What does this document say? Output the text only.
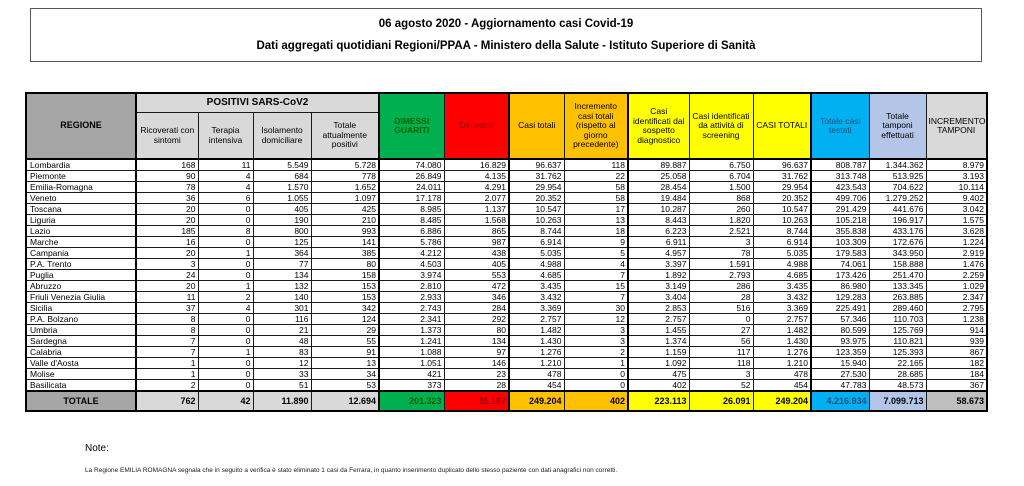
06 agosto 2020 - Aggiornamento casi Covid-19
Dati aggregati quotidiani Regioni/PPAA - Ministero della Salute - Istituto Superiore di Sanità
REGIONE	POSITIVI SARS-CoV2				DIMESSI GUARITI	Deceduti	Casi totali	Incremento casi totali (rispetto al giorno precedente)	Casi identificati dal sospetto diagnostico	Casi identificati da attività di screening	CASI TOTALI	Totale casi testati	Totale tamponi effettuati	INCREMENTO TAMPONI
	Ricoverati con sintomi	Terapia intensiva	Isolamento domiciliare	Totale attualmente positivi										
Lombardia	168	11	5.549	5.728	74.080	16.829	96.637	118	89.887	6.750	96.637	808.787	1.344.362	8.979
Piemonte	90	4	684	778	26.849	4.135	31.762	22	25.058	6.704	31.762	313.748	513.925	3.193
Emilia-Romagna	78	4	1.570	1.652	24.011	4.291	29.954	58	28.454	1.500	29.954	423.543	704.622	10.114
Veneto	36	6	1.055	1.097	17.178	2.077	20.352	58	19.484	868	20.352	499.706	1.279.252	9.402
Toscana	20	0	405	425	8.985	1.137	10.547	17	10.287	260	10.547	291.429	441.676	3.042
Liguria	20	0	190	210	8.485	1.568	10.263	13	8.443	1.820	10.263	105.218	196.917	1.575
Lazio	185	8	800	993	6.886	865	8.744	18	6.223	2.521	8.744	355.838	433.176	3.628
Marche	16	0	125	141	5.786	987	6.914	9	6.911	3	6.914	103.309	172.676	1.224
Campania	20	1	364	385	4.212	438	5.035	5	4.957	78	5.035	179.583	343.950	2.919
P.A. Trento	3	0	77	80	4.503	405	4.988	4	3.397	1.591	4.988	74.061	158.888	1.476
Puglia	24	0	134	158	3.974	553	4.685	7	1.892	2.793	4.685	173.426	251.470	2.259
Abruzzo	20	1	132	153	2.810	472	3.435	15	3.149	286	3.435	86.980	133.345	1.029
Friuli Venezia Giulia	11	2	140	153	2.933	346	3.432	7	3.404	28	3.432	129.283	263.885	2.347
Sicilia	37	4	301	342	2.743	284	3.369	30	2.853	516	3.369	225.491	289.460	2.795
P.A. Bolzano	8	0	116	124	2.341	292	2.757	12	2.757	0	2.757	57.346	110.703	1.238
Umbria	8	0	21	29	1.373	80	1.482	3	1.455	27	1.482	80.599	125.769	914
Sardegna	7	0	48	55	1.241	134	1.430	3	1.374	56	1.430	93.975	110.821	939
Calabria	7	1	83	91	1.088	97	1.276	2	1.159	117	1.276	123.359	125.393	867
Valle d'Aosta	1	0	12	13	1.051	146	1.210	1	1.092	118	1.210	15.940	22.165	182
Molise	1	0	33	34	421	23	478	0	475	3	478	27.530	28.685	184
Basilicata	2	0	51	53	373	28	454	0	402	52	454	47.783	48.573	367
TOTALE	762	42	11.890	12.694	201.323	35.187	249.204	402	223.113	26.091	249.204	4.216.934	7.099.713	58.673
Note:
La Regione EMILIA ROMAGNA segnala che in seguito a verifica è stato eliminato 1 casi da Ferrara, in quanto inserimento duplicato dello stesso paziente con dati anagrafici non corretti.
